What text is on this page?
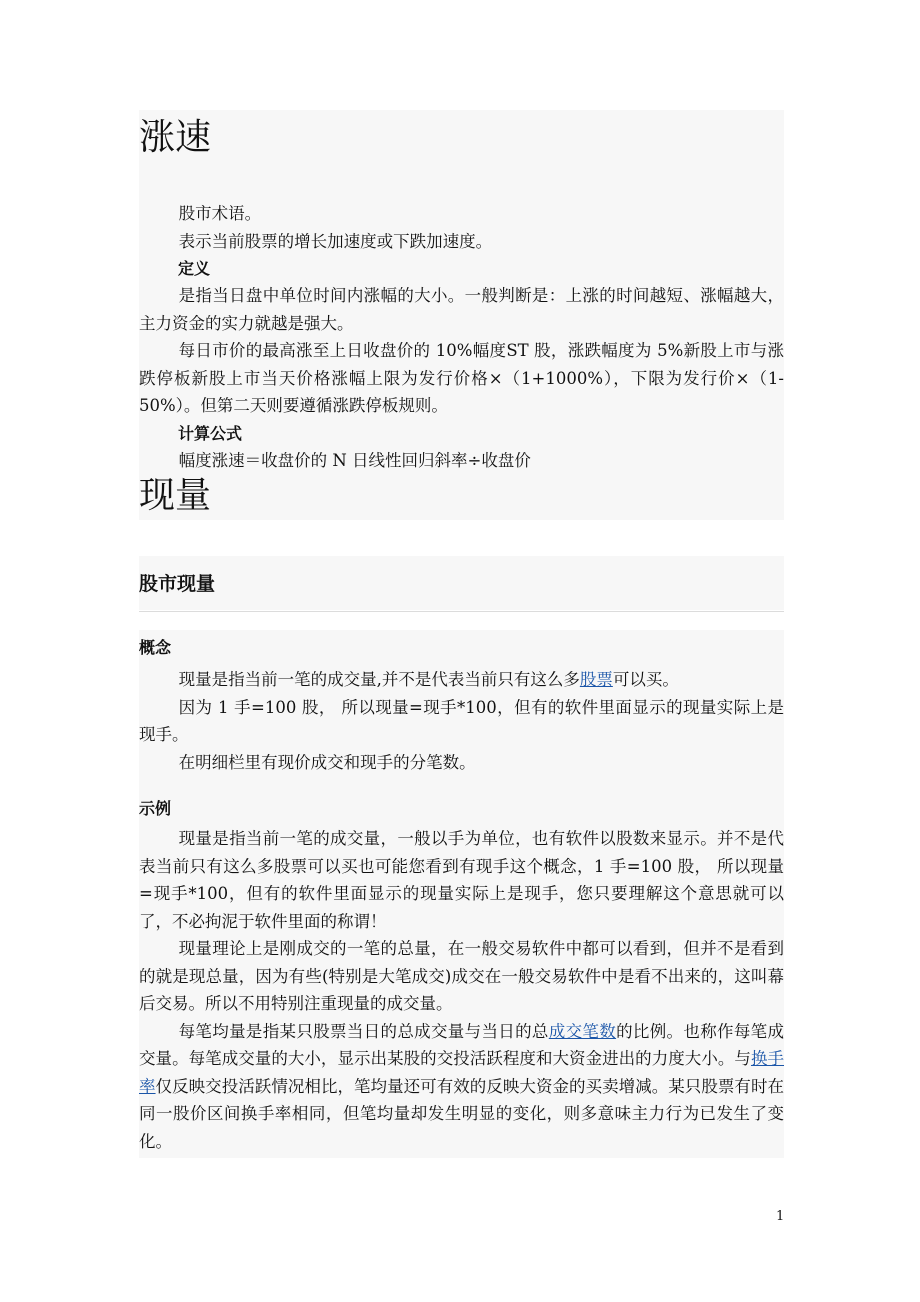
涨速

股市术语。

表示当前股票的增长加速度或下跌加速度。

定义

是指当日盘中单位时间内涨幅的大小。一般判断是：上涨的时间越短、涨幅越大，主力资金的实力就越是强大。

每日市价的最高涨至上日收盘价的 10%幅度ST 股，涨跌幅度为 5%新股上市与涨跌停板新股上市当天价格涨幅上限为发行价格×（1+1000%），下限为发行价×（1-50%）。但第二天则要遵循涨跌停板规则。

计算公式

幅度涨速＝收盘价的 N 日线性回归斜率÷收盘价

现量
股市现量
概念

现量是指当前一笔的成交量,并不是代表当前只有这么多股票可以买。

因为 1 手=100 股， 所以现量=现手*100，但有的软件里面显示的现量实际上是现手。

在明细栏里有现价成交和现手的分笔数。

示例

现量是指当前一笔的成交量，一般以手为单位，也有软件以股数来显示。并不是代表当前只有这么多股票可以买也可能您看到有现手这个概念，1 手=100 股， 所以现量=现手*100，但有的软件里面显示的现量实际上是现手，您只要理解这个意思就可以了，不必拘泥于软件里面的称谓！

现量理论上是刚成交的一笔的总量，在一般交易软件中都可以看到，但并不是看到的就是现总量，因为有些(特别是大笔成交)成交在一般交易软件中是看不出来的，这叫幕后交易。所以不用特别注重现量的成交量。

每笔均量是指某只股票当日的总成交量与当日的总成交笔数的比例。也称作每笔成交量。每笔成交量的大小，显示出某股的交投活跃程度和大资金进出的力度大小。与换手率仅反映交投活跃情况相比，笔均量还可有效的反映大资金的买卖增减。某只股票有时在同一股价区间换手率相同，但笔均量却发生明显的变化，则多意味主力行为已发生了变化。

1
